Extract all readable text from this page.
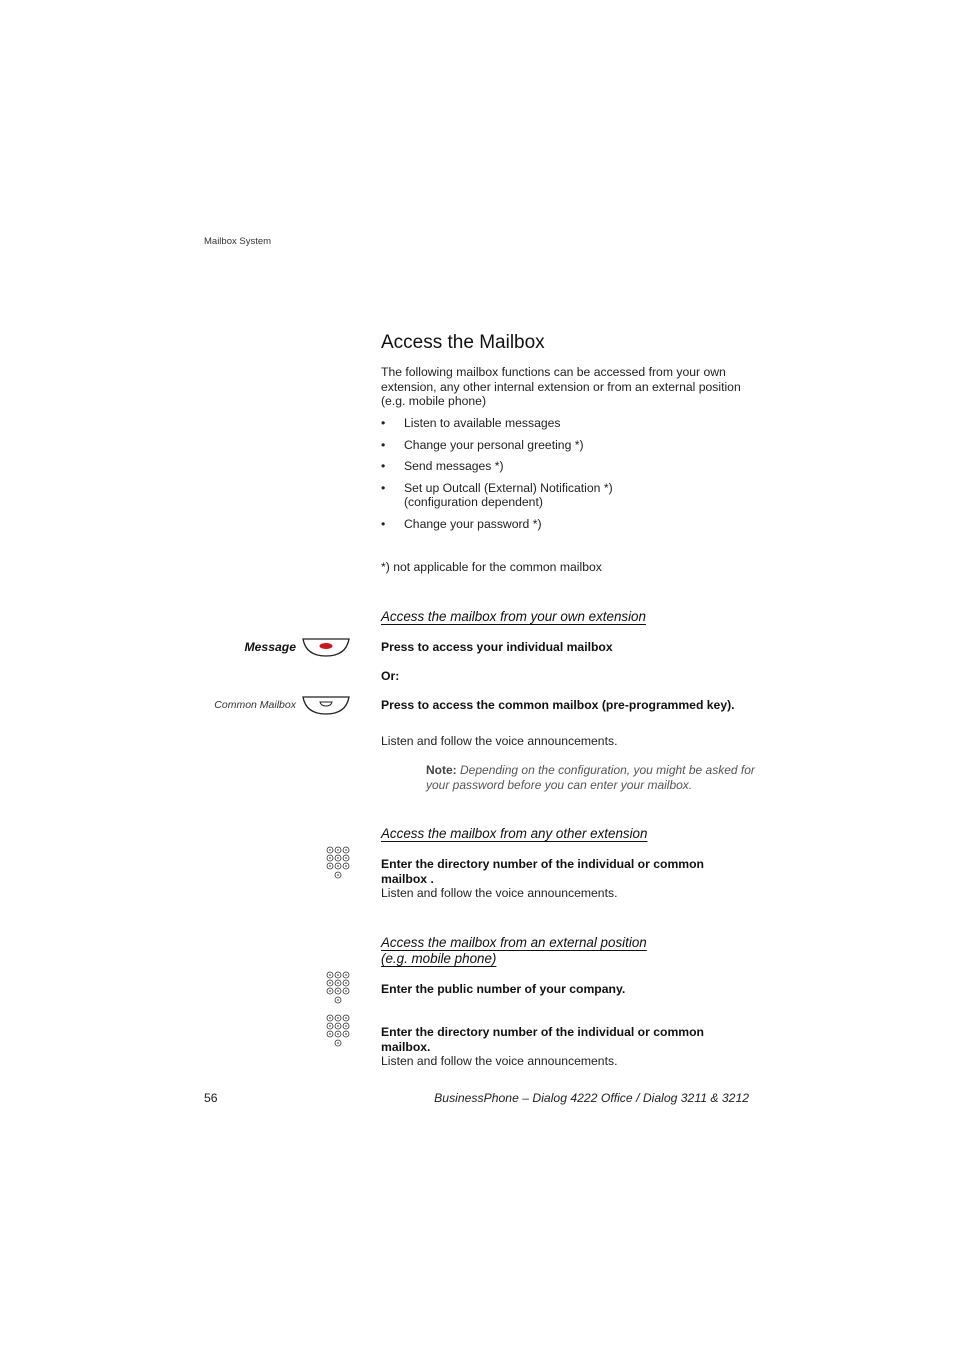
Mailbox System
Access the Mailbox
The following mailbox functions can be accessed from your own extension, any other internal extension or from an external position (e.g. mobile phone)
• Listen to available messages
• Change your personal greeting *)
• Send messages *)
• Set up Outcall (External) Notification *)
(configuration dependent)
• Change your password *)
*) not applicable for the common mailbox
Access the mailbox from your own extension
Message	Press to access your individual mailbox
Or:
Common Mailbox	Press to access the common mailbox (pre-programmed key).
Listen and follow the voice announcements.
Note: Depending on the configuration, you might be asked for your password before you can enter your mailbox.
Access the mailbox from any other extension
Enter the directory number of the individual or common mailbox .
Listen and follow the voice announcements.
Access the mailbox from an external position
(e.g. mobile phone)
Enter the public number of your company.
Enter the directory number of the individual or common mailbox.
Listen and follow the voice announcements.
56	BusinessPhone – Dialog 4222 Office / Dialog 3211 & 3212
